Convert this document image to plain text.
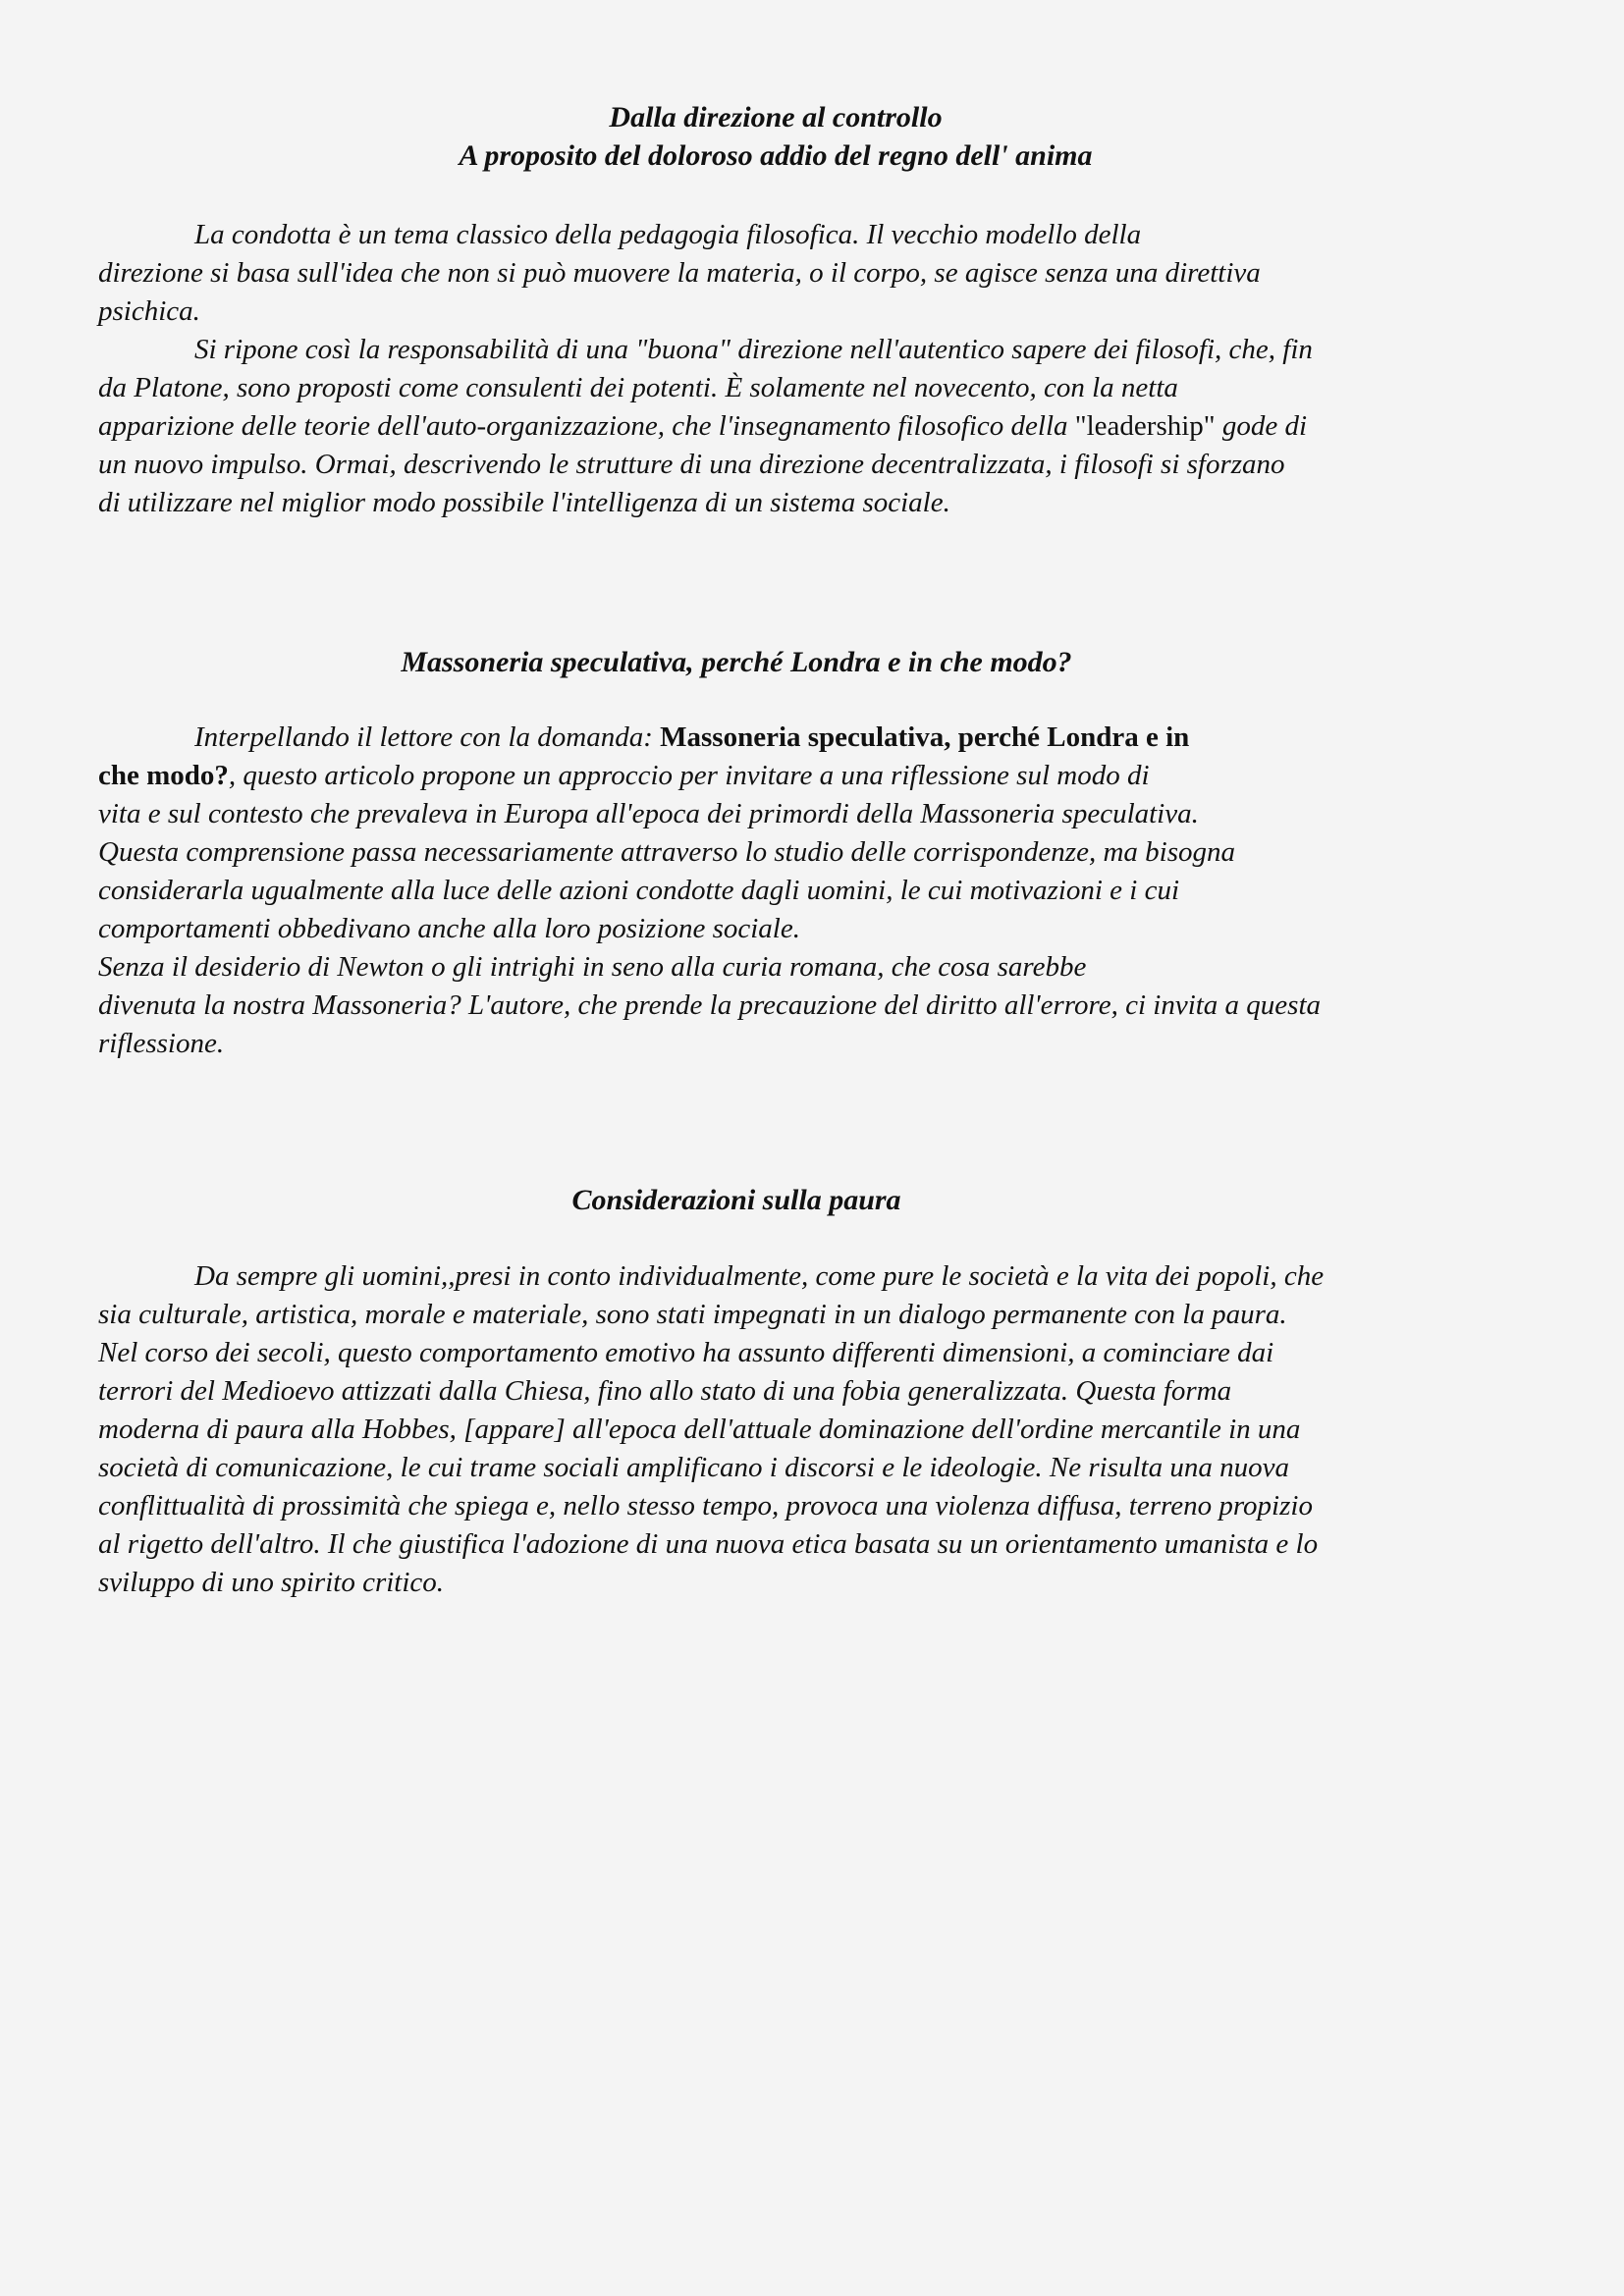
Dalla direzione al controllo
A proposito del doloroso addio del regno dell' anima
La condotta è un tema classico della pedagogia filosofica. Il vecchio modello della
direzione si basa sull'idea che non si può muovere la materia, o il corpo, se agisce senza una direttiva
psichica.
Si ripone così la responsabilità di una "buona" direzione nell'autentico sapere dei filosofi, che, fin
da Platone, sono proposti come consulenti dei potenti. È solamente nel novecento, con la netta
apparizione delle teorie dell'auto-organizzazione, che l'insegnamento filosofico della "leadership" gode di
un nuovo impulso. Ormai, descrivendo le strutture di una direzione decentralizzata, i filosofi si sforzano
di utilizzare nel miglior modo possibile l'intelligenza di un sistema sociale.
Massoneria speculativa, perché Londra e in che modo?
Interpellando il lettore con la domanda: Massoneria speculativa, perché Londra e in
che modo?, questo articolo propone un approccio per invitare a una riflessione sul modo di
vita e sul contesto che prevaleva in Europa all'epoca dei primordi della Massoneria speculativa.
Questa comprensione passa necessariamente attraverso lo studio delle corrispondenze, ma bisogna
considerarla ugualmente alla luce delle azioni condotte dagli uomini, le cui motivazioni e i cui
comportamenti obbedivano anche alla loro posizione sociale.
Senza il desiderio di Newton o gli intrighi in seno alla curia romana, che cosa sarebbe
divenuta la nostra Massoneria? L'autore, che prende la precauzione del diritto all'errore, ci invita a questa
riflessione.
Considerazioni sulla paura
Da sempre gli uomini,,presi in conto individualmente, come pure le società e la vita dei popoli, che
sia culturale, artistica, morale e materiale, sono stati impegnati in un dialogo permanente con la paura.
Nel corso dei secoli, questo comportamento emotivo ha assunto differenti dimensioni, a cominciare dai
terrori del Medioevo attizzati dalla Chiesa, fino allo stato di una fobia generalizzata. Questa forma
moderna di paura alla Hobbes, [appare] all'epoca dell'attuale dominazione dell'ordine mercantile in una
società di comunicazione, le cui trame sociali amplificano i discorsi e le ideologie. Ne risulta una nuova
conflittualità di prossimità che spiega e, nello stesso tempo, provoca una violenza diffusa, terreno propizio
al rigetto dell'altro. Il che giustifica l'adozione di una nuova etica basata su un orientamento umanista e lo
sviluppo di uno spirito critico.
